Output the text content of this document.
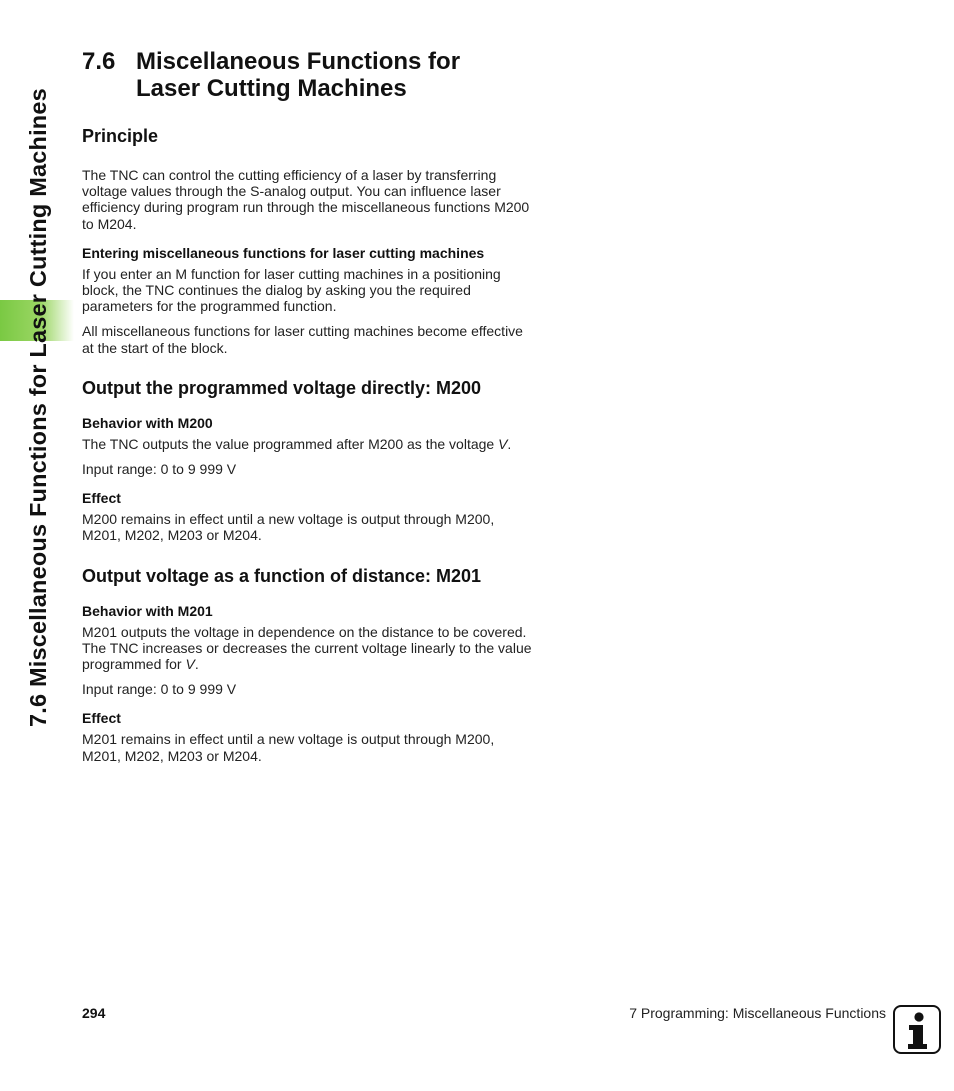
7.6 Miscellaneous Functions for Laser Cutting Machines
7.6 Miscellaneous Functions for
Laser Cutting Machines
Principle

The TNC can control the cutting efficiency of a laser by transferring voltage values through the S-analog output. You can influence laser efficiency during program run through the miscellaneous functions M200 to M204.

Entering miscellaneous functions for laser cutting machines

If you enter an M function for laser cutting machines in a positioning block, the TNC continues the dialog by asking you the required parameters for the programmed function.

All miscellaneous functions for laser cutting machines become effective at the start of the block.

Output the programmed voltage directly: M200
Behavior with M200

The TNC outputs the value programmed after M200 as the voltage V.

Input range: 0 to 9 999 V

Effect

M200 remains in effect until a new voltage is output through M200, M201, M202, M203 or M204.

Output voltage as a function of distance: M201
Behavior with M201

M201 outputs the voltage in dependence on the distance to be covered. The TNC increases or decreases the current voltage linearly to the value programmed for V.

Input range: 0 to 9 999 V

Effect

M201 remains in effect until a new voltage is output through M200, M201, M202, M203 or M204.

294	7 Programming: Miscellaneous Functions
